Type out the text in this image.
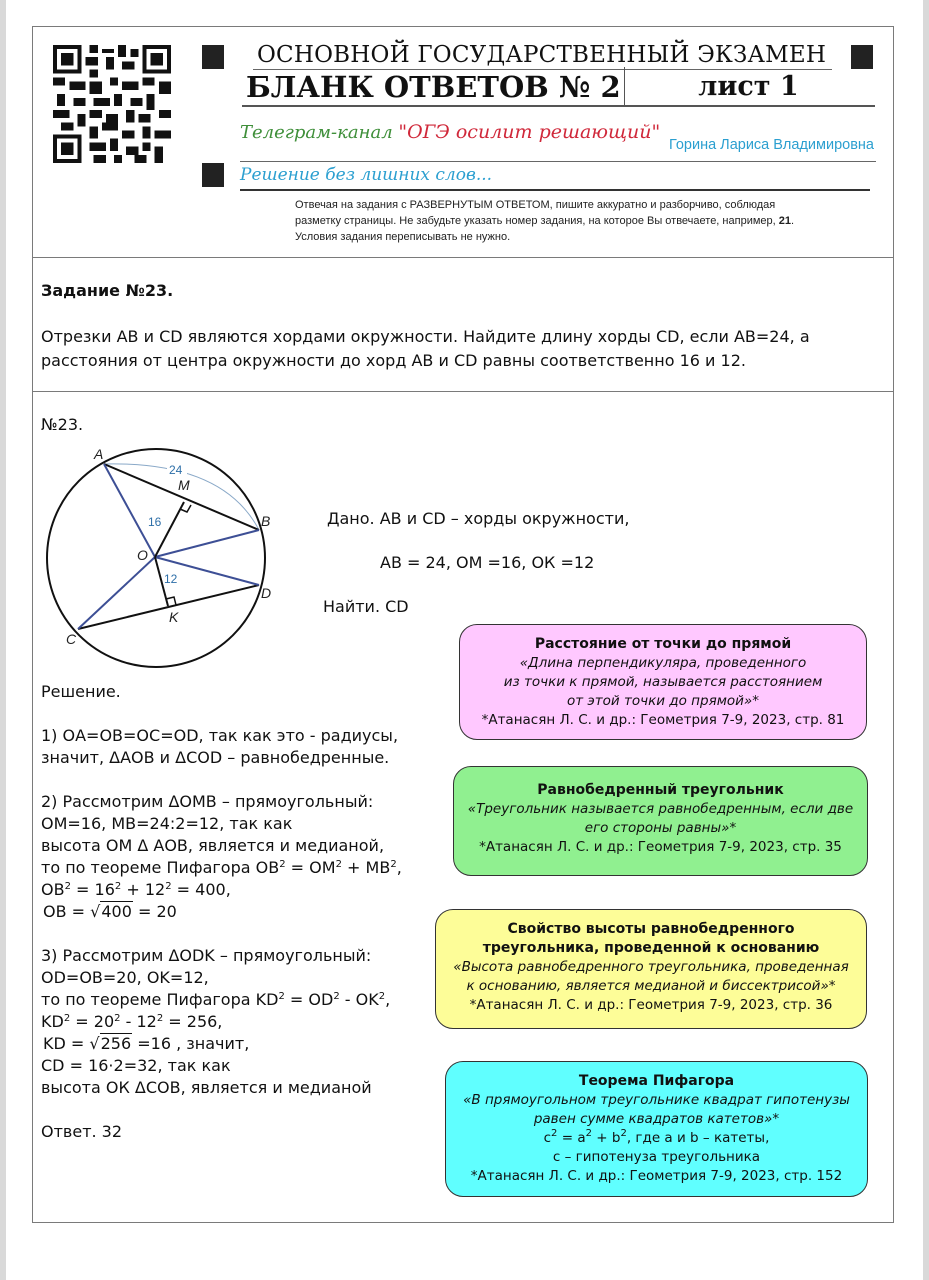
ОСНОВНОЙ ГОСУДАРСТВЕННЫЙ ЭКЗАМЕН
БЛАНК ОТВЕТОВ № 2	лист 1
Телеграм-канал "ОГЭ осилит решающий"
Горина Лариса Владимировна
Решение без лишних слов...
Отвечая на задания с РАЗВЕРНУТЫМ ОТВЕТОМ, пишите аккуратно и разборчиво, соблюдая
разметку страницы. Не забудьте указать номер задания, на которое Вы отвечаете, например, 21.
Условия задания переписывать не нужно.
Задание №23.
Отрезки АВ и CD являются хордами окружности. Найдите длину хорды CD, если АВ=24, а
расстояния от центра окружности до хорд АВ и CD равны соответственно 16 и 12.
№23.
24
16
12
A
M
B
O
D
K
C
Дано. АВ и CD – хорды окружности,
АВ = 24, ОМ =16, ОК =12
Найти. CD

Решение.

1) ОА=ОВ=ОС=OD, так как это - радиусы,

значит, ΔАОВ и ΔCOD – равнобедренные.

2) Рассмотрим ΔОМВ – прямоугольный:

ОМ=16, МВ=24:2=12, так как

высота ОМ Δ АОВ, является и медианой,

то по теореме Пифагора $ОВ^2 = ОМ^2 + МВ^2$,

$ОВ^2 = 16^2 + 12^2 = 400$,

OB = √400 = 20

3) Рассмотрим ΔODK – прямоугольный:

OD=OB=20, OK=12,

то по теореме Пифагора $KD^2 = OD^2 - OK^2$,

$KD^2 = 20^2 - 12^2 = 256$,

KD = √256 =16 , значит,

CD = 16·2=32, так как

высота ОК ΔCOB, является и медианой

Ответ. 32

Расстояние от точки до прямой
«Длина перпендикуляра, проведенного
из точки к прямой, называется расстоянием
от этой точки до прямой»*
*Атанасян Л. С. и др.: Геометрия 7-9, 2023, стр. 81
Равнобедренный треугольник
«Треугольник называется равнобедренным, если две
его стороны равны»*
*Атанасян Л. С. и др.: Геометрия 7-9, 2023, стр. 35
Свойство высоты равнобедренного
треугольника, проведенной к основанию
«Высота равнобедренного треугольника, проведенная
к основанию, является медианой и биссектрисой»*
*Атанасян Л. С. и др.: Геометрия 7-9, 2023, стр. 36
Теорема Пифагора
«В прямоугольном треугольнике квадрат гипотенузы
равен сумме квадратов катетов»*
$c^2 = a^2 + b^2$, где a и b – катеты,
c – гипотенуза треугольника
*Атанасян Л. С. и др.: Геометрия 7-9, 2023, стр. 152
